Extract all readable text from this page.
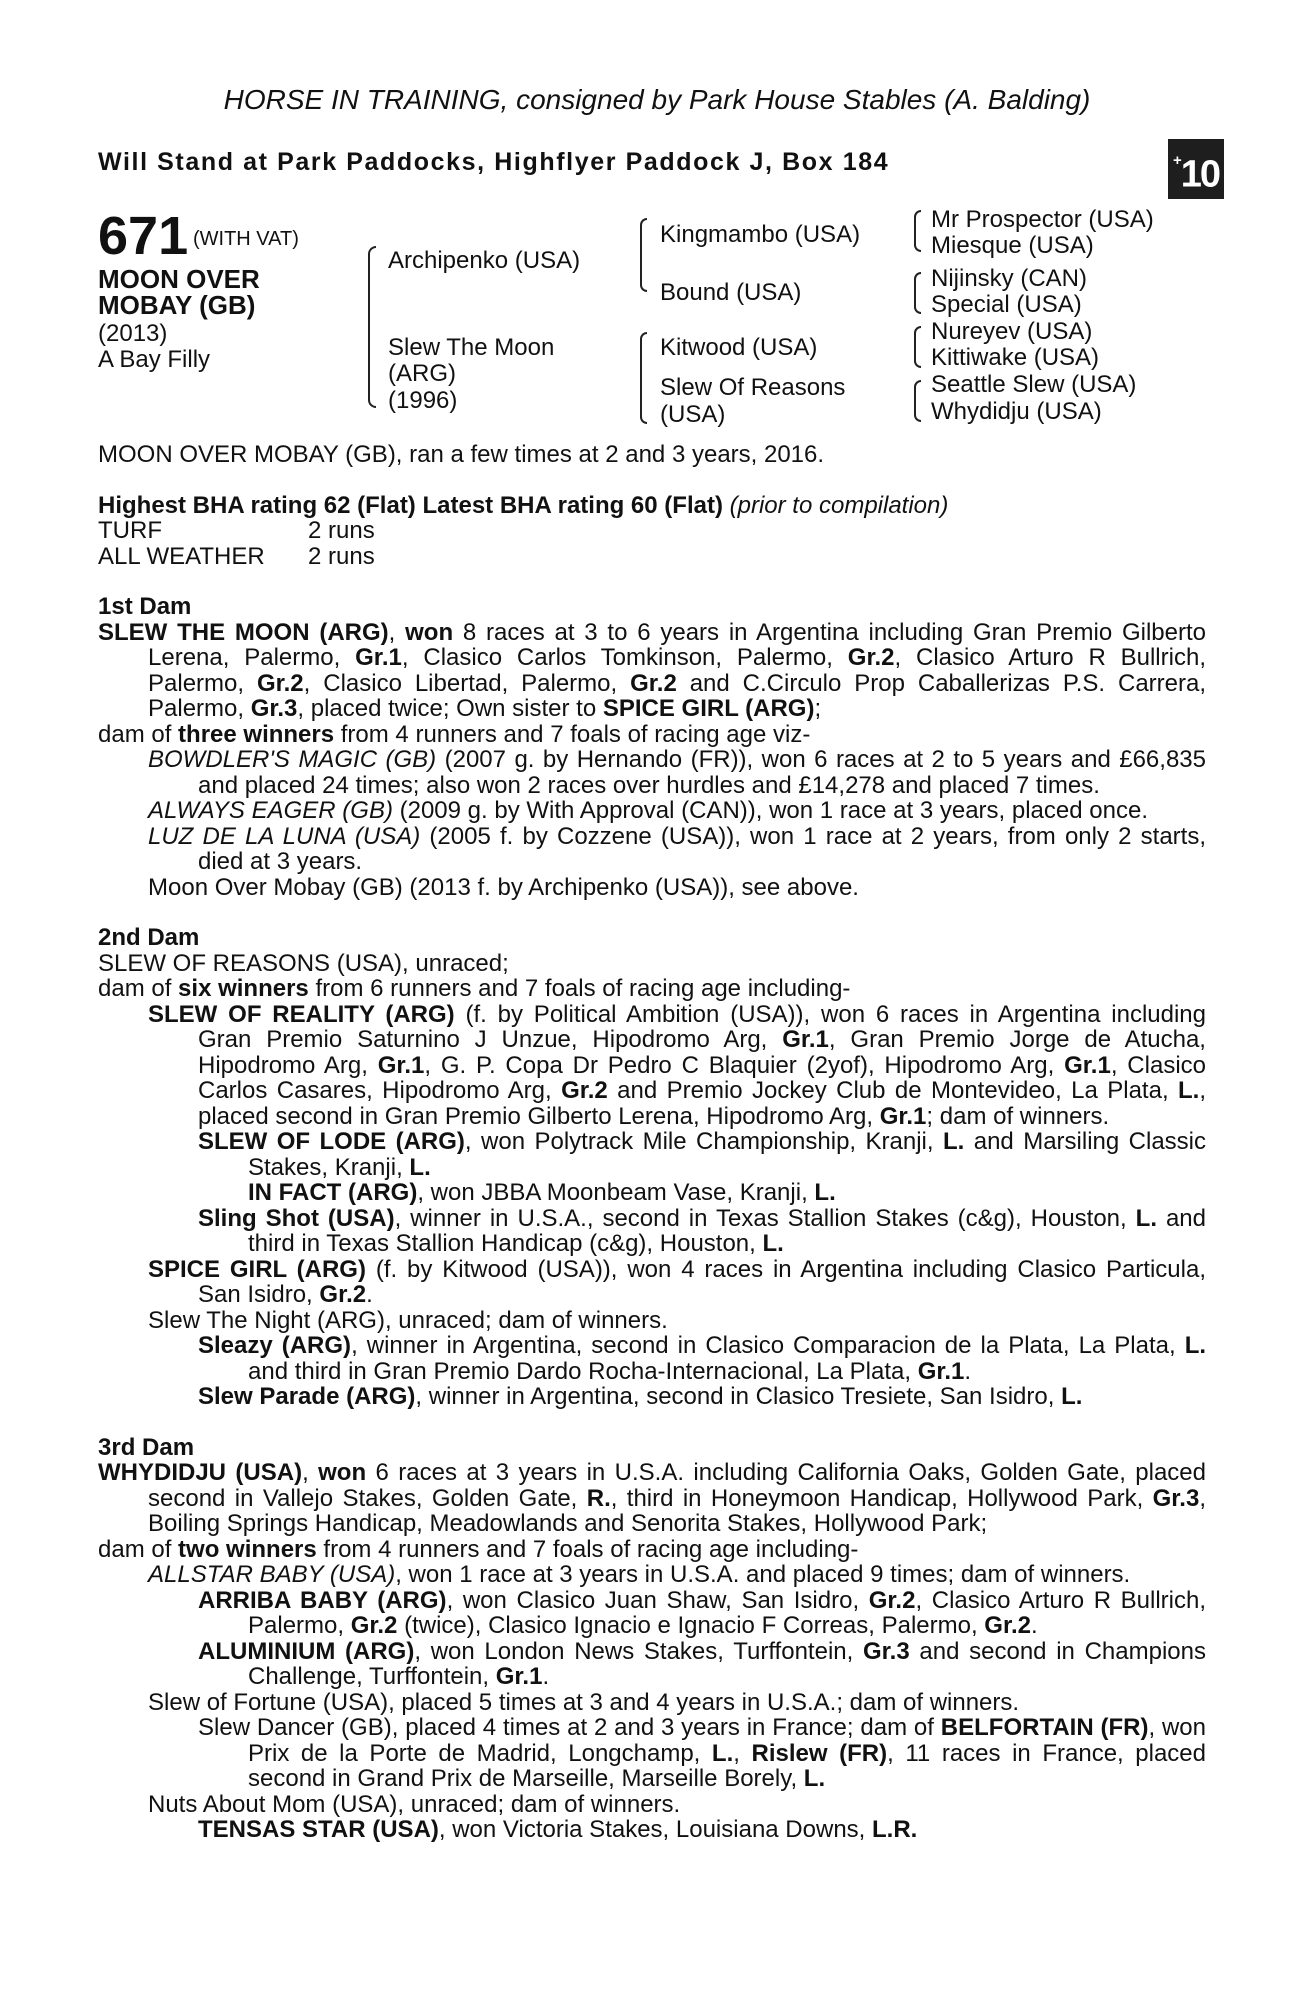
HORSE IN TRAINING, consigned by Park House Stables (A. Balding)
Will Stand at Park Paddocks, Highflyer Paddock J, Box 184	+10
671 (WITH VAT)
MOON OVER
MOBAY (GB)
(2013)
A Bay Filly
Archipenko (USA)
Slew The Moon
(ARG)
(1996)
Kingmambo (USA)
Bound (USA)
Kitwood (USA)
Slew Of Reasons
(USA)
Mr Prospector (USA)
Miesque (USA)
Nijinsky (CAN)
Special (USA)
Nureyev (USA)
Kittiwake (USA)
Seattle Slew (USA)
Whydidju (USA)

MOON OVER MOBAY (GB), ran a few times at 2 and 3 years, 2016.

Highest BHA rating 62 (Flat) Latest BHA rating 60 (Flat) (prior to compilation)

TURF	2 runs

ALL WEATHER 2 runs

1st Dam

SLEW THE MOON (ARG), won 8 races at 3 to 6 years in Argentina including Gran Premio Gilberto Lerena, Palermo, Gr.1, Clasico Carlos Tomkinson, Palermo, Gr.2, Clasico Arturo R Bullrich, Palermo, Gr.2, Clasico Libertad, Palermo, Gr.2 and C.Circulo Prop Caballerizas P.S. Carrera, Palermo, Gr.3, placed twice; Own sister to SPICE GIRL (ARG);

dam of three winners from 4 runners and 7 foals of racing age viz-

BOWDLER'S MAGIC (GB) (2007 g. by Hernando (FR)), won 6 races at 2 to 5 years and £66,835 and placed 24 times; also won 2 races over hurdles and £14,278 and placed 7 times.

ALWAYS EAGER (GB) (2009 g. by With Approval (CAN)), won 1 race at 3 years, placed once.

LUZ DE LA LUNA (USA) (2005 f. by Cozzene (USA)), won 1 race at 2 years, from only 2 starts, died at 3 years.

Moon Over Mobay (GB) (2013 f. by Archipenko (USA)), see above.

2nd Dam

SLEW OF REASONS (USA), unraced;

dam of six winners from 6 runners and 7 foals of racing age including-

SLEW OF REALITY (ARG) (f. by Political Ambition (USA)), won 6 races in Argentina including Gran Premio Saturnino J Unzue, Hipodromo Arg, Gr.1, Gran Premio Jorge de Atucha, Hipodromo Arg, Gr.1, G. P. Copa Dr Pedro C Blaquier (2yof), Hipodromo Arg, Gr.1, Clasico Carlos Casares, Hipodromo Arg, Gr.2 and Premio Jockey Club de Montevideo, La Plata, L., placed second in Gran Premio Gilberto Lerena, Hipodromo Arg, Gr.1; dam of winners.

SLEW OF LODE (ARG), won Polytrack Mile Championship, Kranji, L. and Marsiling Classic Stakes, Kranji, L.

IN FACT (ARG), won JBBA Moonbeam Vase, Kranji, L.

Sling Shot (USA), winner in U.S.A., second in Texas Stallion Stakes (c&g), Houston, L. and third in Texas Stallion Handicap (c&g), Houston, L.

SPICE GIRL (ARG) (f. by Kitwood (USA)), won 4 races in Argentina including Clasico Particula, San Isidro, Gr.2.

Slew The Night (ARG), unraced; dam of winners.

Sleazy (ARG), winner in Argentina, second in Clasico Comparacion de la Plata, La Plata, L. and third in Gran Premio Dardo Rocha-Internacional, La Plata, Gr.1.

Slew Parade (ARG), winner in Argentina, second in Clasico Tresiete, San Isidro, L.

3rd Dam

WHYDIDJU (USA), won 6 races at 3 years in U.S.A. including California Oaks, Golden Gate, placed second in Vallejo Stakes, Golden Gate, R., third in Honeymoon Handicap, Hollywood Park, Gr.3, Boiling Springs Handicap, Meadowlands and Senorita Stakes, Hollywood Park;

dam of two winners from 4 runners and 7 foals of racing age including-

ALLSTAR BABY (USA), won 1 race at 3 years in U.S.A. and placed 9 times; dam of winners.

ARRIBA BABY (ARG), won Clasico Juan Shaw, San Isidro, Gr.2, Clasico Arturo R Bullrich, Palermo, Gr.2 (twice), Clasico Ignacio e Ignacio F Correas, Palermo, Gr.2.

ALUMINIUM (ARG), won London News Stakes, Turffontein, Gr.3 and second in Champions Challenge, Turffontein, Gr.1.

Slew of Fortune (USA), placed 5 times at 3 and 4 years in U.S.A.; dam of winners.

Slew Dancer (GB), placed 4 times at 2 and 3 years in France; dam of BELFORTAIN (FR), won Prix de la Porte de Madrid, Longchamp, L., Rislew (FR), 11 races in France, placed second in Grand Prix de Marseille, Marseille Borely, L.

Nuts About Mom (USA), unraced; dam of winners.

TENSAS STAR (USA), won Victoria Stakes, Louisiana Downs, L.R.
